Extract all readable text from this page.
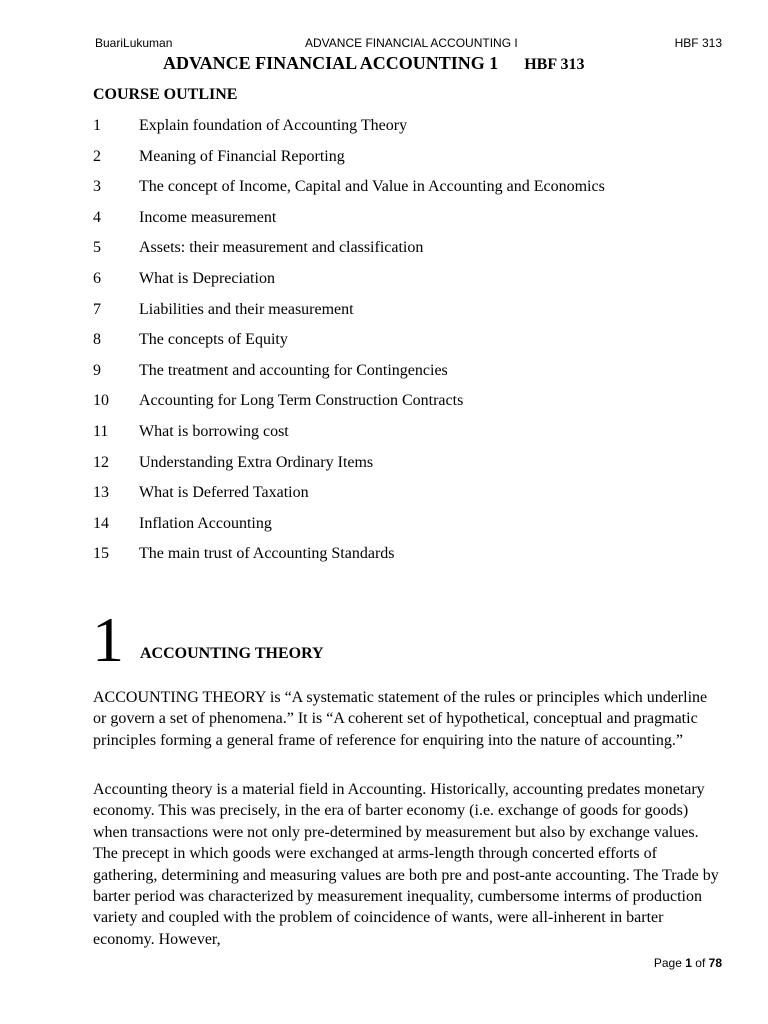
BuariLukuman	ADVANCE FINANCIAL ACCOUNTING I	HBF 313
ADVANCE FINANCIAL ACCOUNTING 1 HBF 313
COURSE OUTLINE
1 Explain foundation of Accounting Theory
2 Meaning of Financial Reporting
3 The concept of Income, Capital and Value in Accounting and Economics
4 Income measurement
5 Assets: their measurement and classification
6 What is Depreciation
7 Liabilities and their measurement
8 The concepts of Equity
9 The treatment and accounting for Contingencies
10 Accounting for Long Term Construction Contracts
11 What is borrowing cost
12 Understanding Extra Ordinary Items
13 What is Deferred Taxation
14 Inflation Accounting
15 The main trust of Accounting Standards
1 ACCOUNTING THEORY

ACCOUNTING THEORY is “A systematic statement of the rules or principles which underline or govern a set of phenomena.” It is “A coherent set of hypothetical, conceptual and pragmatic principles forming a general frame of reference for enquiring into the nature of accounting.”

Accounting theory is a material field in Accounting. Historically, accounting predates monetary economy. This was precisely, in the era of barter economy (i.e. exchange of goods for goods) when transactions were not only pre-determined by measurement but also by exchange values. The precept in which goods were exchanged at arms-length through concerted efforts of gathering, determining and measuring values are both pre and post-ante accounting. The Trade by barter period was characterized by measurement inequality, cumbersome interms of production variety and coupled with the problem of coincidence of wants, were all-inherent in barter economy. However,

Page 1 of 78
